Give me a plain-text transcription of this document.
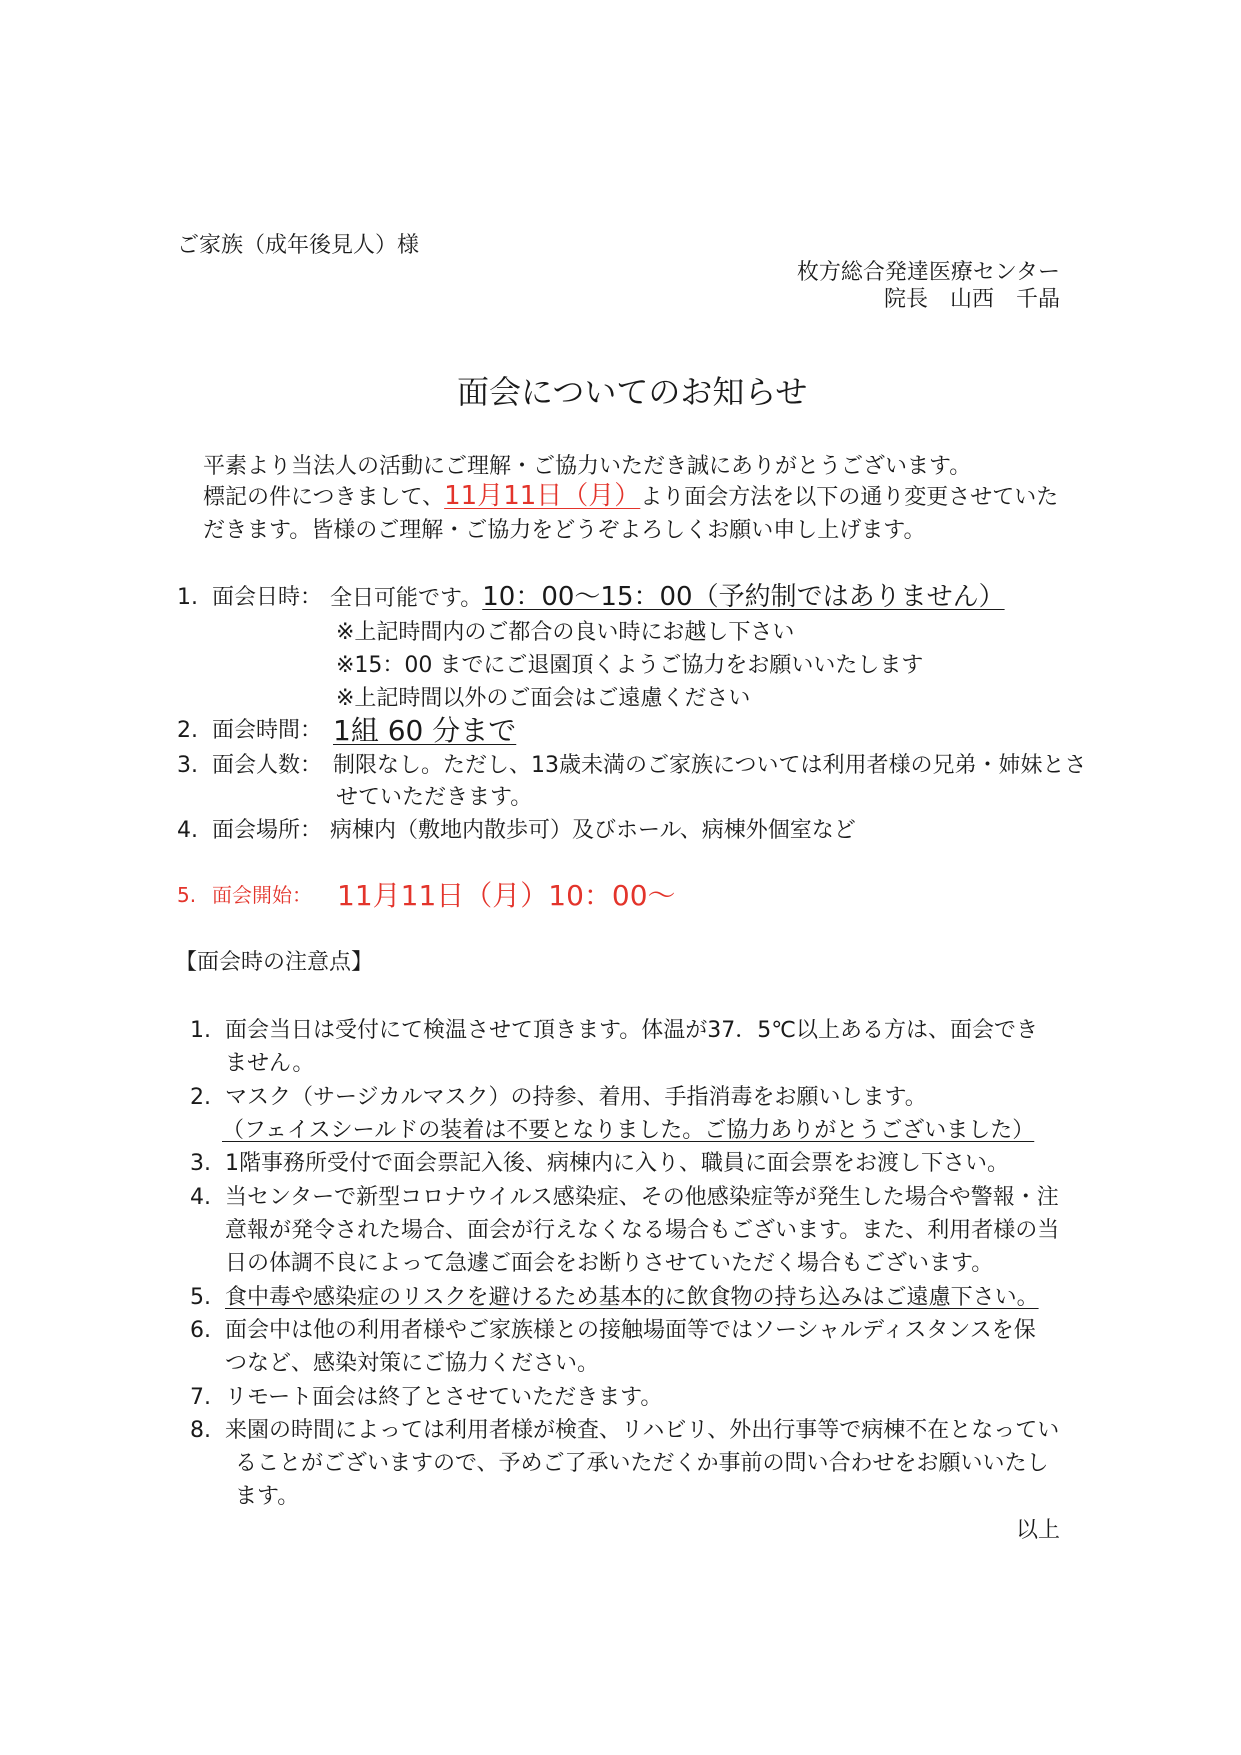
ご家族（成年後見人）様
枚方総合発達医療センター
院長　山西　千晶
面会についてのお知らせ
平素より当法人の活動にご理解・ご協力いただき誠にありがとうございます。
標記の件につきまして、11月11日（月）より面会方法を以下の通り変更させていた
だきます。皆様のご理解・ご協力をどうぞよろしくお願い申し上げます。
1. 面会日時： 全日可能です。10：00～15：00（予約制ではありません）
※上記時間内のご都合の良い時にお越し下さい
※15：00 までにご退園頂くようご協力をお願いいたします
※上記時間以外のご面会はご遠慮ください
2. 面会時間： 1組 60 分まで
3. 面会人数： 制限なし。ただし、13歳未満のご家族については利用者様の兄弟・姉妹とさ
せていただきます。
4. 面会場所： 病棟内（敷地内散歩可）及びホール、病棟外個室など
5. 面会開始： 11月11日（月）10：00～
【面会時の注意点】
1. 面会当日は受付にて検温させて頂きます。体温が37．5℃以上ある方は、面会でき
ません。
2. マスク（サージカルマスク）の持参、着用、手指消毒をお願いします。
（フェイスシールドの装着は不要となりました。ご協力ありがとうございました）
3. 1階事務所受付で面会票記入後、病棟内に入り、職員に面会票をお渡し下さい。
4. 当センターで新型コロナウイルス感染症、その他感染症等が発生した場合や警報・注
意報が発令された場合、面会が行えなくなる場合もございます。また、利用者様の当
日の体調不良によって急遽ご面会をお断りさせていただく場合もございます。
5. 食中毒や感染症のリスクを避けるため基本的に飲食物の持ち込みはご遠慮下さい。
6. 面会中は他の利用者様やご家族様との接触場面等ではソーシャルディスタンスを保
つなど、感染対策にご協力ください。
7. リモート面会は終了とさせていただきます。
8. 来園の時間によっては利用者様が検査、リハビリ、外出行事等で病棟不在となってい
ることがございますので、予めご了承いただくか事前の問い合わせをお願いいたし
ます。
以上
